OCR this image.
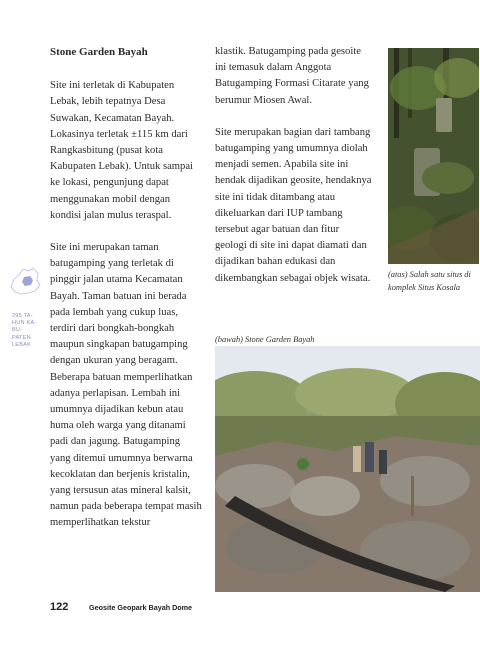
295 TA- HUN KA- BU- PATEN LEBAK

Stone Garden Bayah

Site ini terletak di Kabupaten Lebak, lebih tepatnya Desa Suwakan, Kecamatan Bayah. Lokasinya terletak ±115 km dari Rangkasbitung (pusat kota Kabupaten Lebak). Untuk sampai ke lokasi, pengunjung dapat menggunakan mobil dengan kondisi jalan mulus teraspal.

Site ini merupakan taman batugamping yang terletak di pinggir jalan utama Kecamatan Bayah. Taman batuan ini berada pada lembah yang cukup luas, terdiri dari bongkah-bongkah maupun singkapan batugamping dengan ukuran yang beragam. Beberapa batuan memperlihatkan adanya perlapisan. Lembah ini umumnya dijadikan kebun atau huma oleh warga yang ditanami padi dan jagung. Batugamping yang ditemui umumnya berwarna kecoklatan dan berjenis kristalin, yang tersusun atas mineral kalsit, namun pada beberapa tempat masih memperlihatkan tekstur

klastik. Batugamping pada gesoite ini temasuk dalam Anggota Batugamping Formasi Citarate yang berumur Miosen Awal.

Site merupakan bagian dari tambang batugamping yang umumnya diolah menjadi semen. Apabila site ini hendak dijadikan geosite, hendaknya site ini tidak ditambang atau dikeluarkan dari IUP tambang tersebut agar batuan dan fitur geologi di site ini dapat diamati dan dijadikan bahan edukasi dan dikembangkan sebagai objek wisata.	(atas) Salah satu situs di komplek Situs Kosala
(bawah) Stone Garden Bayah
122	Geosite Geopark Bayah Dome
